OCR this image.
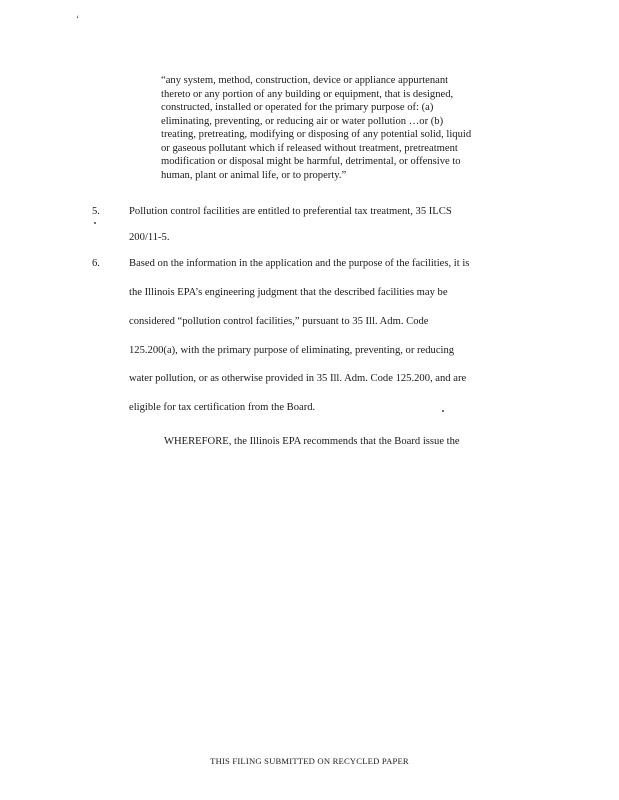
‘
“any system, method, construction, device or appliance appurtenant
thereto or any portion of any building or equipment, that is designed,
constructed, installed or operated for the primary purpose of: (a)
eliminating, preventing, or reducing air or water pollution …or (b)
treating, pretreating, modifying or disposing of any potential solid, liquid
or gaseous pollutant which if released without treatment, pretreatment
modification or disposal might be harmful, detrimental, or offensive to
human, plant or animal life, or to property.”
5.	Pollution control facilities are entitled to preferential tax treatment, 35 ILCS
200/11-5.
6.	Based on the information in the application and the purpose of the facilities, it is
the Illinois EPA’s engineering judgment that the described facilities may be
considered “pollution control facilities,” pursuant to 35 Ill. Adm. Code
125.200(a), with the primary purpose of eliminating, preventing, or reducing
water pollution, or as otherwise provided in 35 Ill. Adm. Code 125.200, and are
eligible for tax certification from the Board.
WHEREFORE, the Illinois EPA recommends that the Board issue the
THIS FILING SUBMITTED ON RECYCLED PAPER
